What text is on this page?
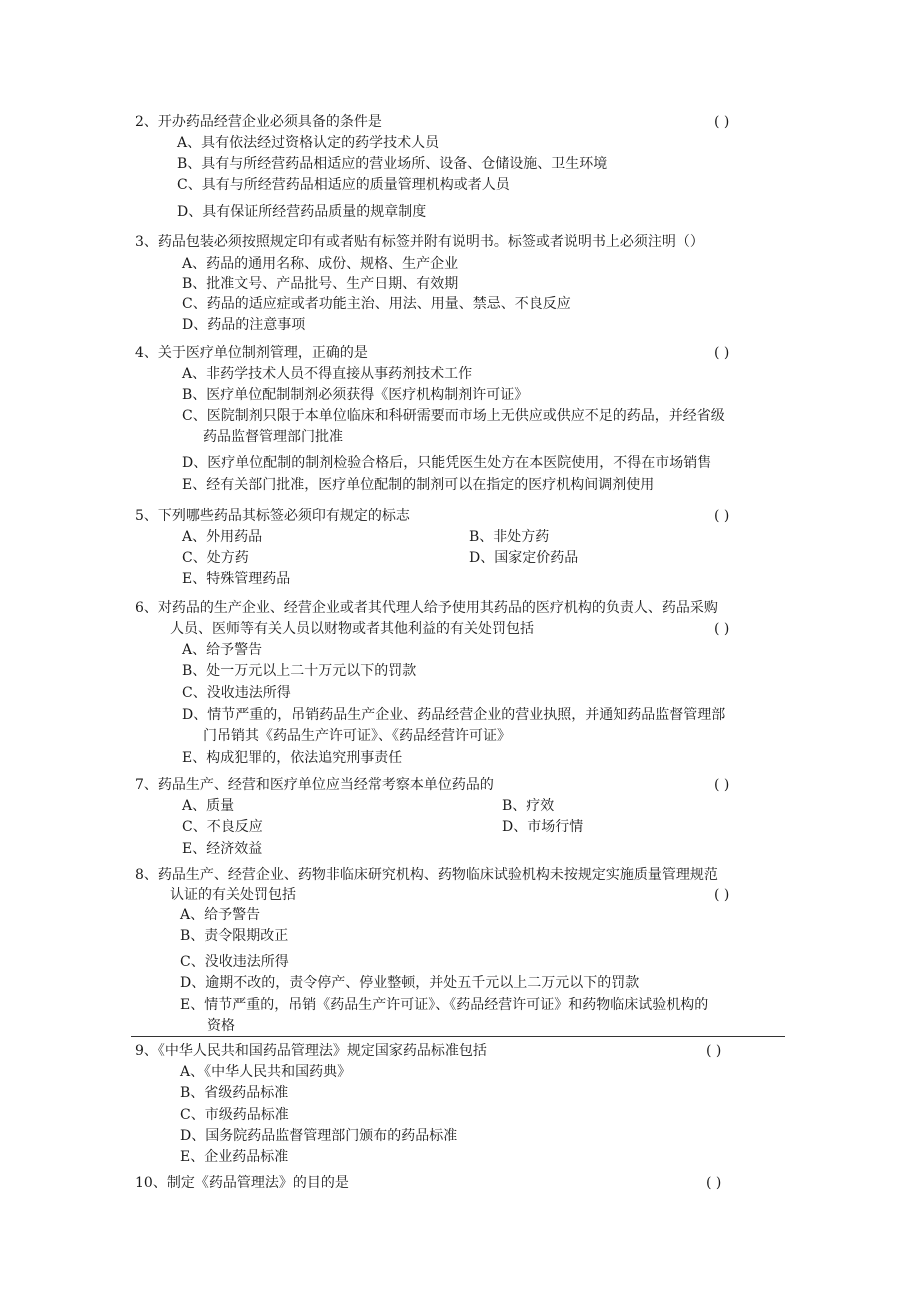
2、开办药品经营企业必须具备的条件是	( )
A、具有依法经过资格认定的药学技术人员
B、具有与所经营药品相适应的营业场所、设备、仓储设施、卫生环境
C、具有与所经营药品相适应的质量管理机构或者人员
D、具有保证所经营药品质量的规章制度
3、药品包装必须按照规定印有或者贴有标签并附有说明书。标签或者说明书上必须注明（）
A、药品的通用名称、成份、规格、生产企业
B、批准文号、产品批号、生产日期、有效期
C、药品的适应症或者功能主治、用法、用量、禁忌、不良反应
D、药品的注意事项
4、关于医疗单位制剂管理，正确的是	( )
A、非药学技术人员不得直接从事药剂技术工作
B、医疗单位配制制剂必须获得《医疗机构制剂许可证》
C、医院制剂只限于本单位临床和科研需要而市场上无供应或供应不足的药品，并经省级
药品监督管理部门批准
D、医疗单位配制的制剂检验合格后，只能凭医生处方在本医院使用，不得在市场销售
E、经有关部门批准，医疗单位配制的制剂可以在指定的医疗机构间调剂使用
5、下列哪些药品其标签必须印有规定的标志	( )
A、外用药品	B、非处方药
C、处方药	D、国家定价药品
E、特殊管理药品
6、对药品的生产企业、经营企业或者其代理人给予使用其药品的医疗机构的负责人、药品采购
人员、医师等有关人员以财物或者其他利益的有关处罚包括	( )
A、给予警告
B、处一万元以上二十万元以下的罚款
C、没收违法所得
D、情节严重的，吊销药品生产企业、药品经营企业的营业执照，并通知药品监督管理部
门吊销其《药品生产许可证》、《药品经营许可证》
E、构成犯罪的，依法追究刑事责任
7、药品生产、经营和医疗单位应当经常考察本单位药品的	( )
A、质量	B、疗效
C、不良反应	D、市场行情
E、经济效益
8、药品生产、经营企业、药物非临床研究机构、药物临床试验机构未按规定实施质量管理规范
认证的有关处罚包括	( )
A、给予警告
B、责令限期改正
C、没收违法所得
D、逾期不改的，责令停产、停业整顿，并处五千元以上二万元以下的罚款
E、情节严重的，吊销《药品生产许可证》、《药品经营许可证》和药物临床试验机构的
资格
9、《中华人民共和国药品管理法》规定国家药品标准包括	( )
A、《中华人民共和国药典》
B、省级药品标准
C、市级药品标准
D、国务院药品监督管理部门颁布的药品标准
E、企业药品标准
10、制定《药品管理法》的目的是	( )
